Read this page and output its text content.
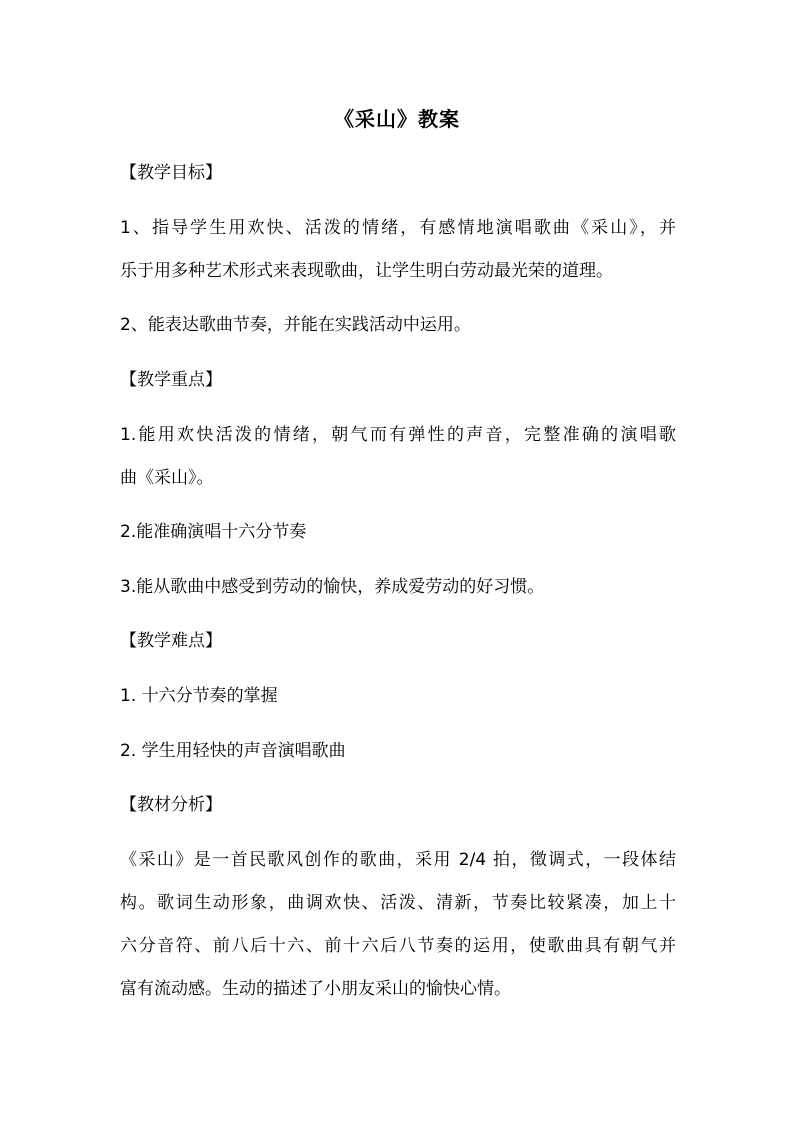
《采山》教案
【教学目标】
1、指导学生用欢快、活泼的情绪，有感情地演唱歌曲《采山》，并
乐于用多种艺术形式来表现歌曲，让学生明白劳动最光荣的道理。
2、能表达歌曲节奏，并能在实践活动中运用。
【教学重点】
1.能用欢快活泼的情绪，朝气而有弹性的声音，完整准确的演唱歌
曲《采山》。
2.能准确演唱十六分节奏
3.能从歌曲中感受到劳动的愉快，养成爱劳动的好习惯。
【教学难点】
1. 十六分节奏的掌握
2. 学生用轻快的声音演唱歌曲
【教材分析】
《采山》是一首民歌风创作的歌曲，采用 2/4 拍，徵调式，一段体结
构。歌词生动形象，曲调欢快、活泼、清新，节奏比较紧凑，加上十
六分音符、前八后十六、前十六后八节奏的运用，使歌曲具有朝气并
富有流动感。生动的描述了小朋友采山的愉快心情。
